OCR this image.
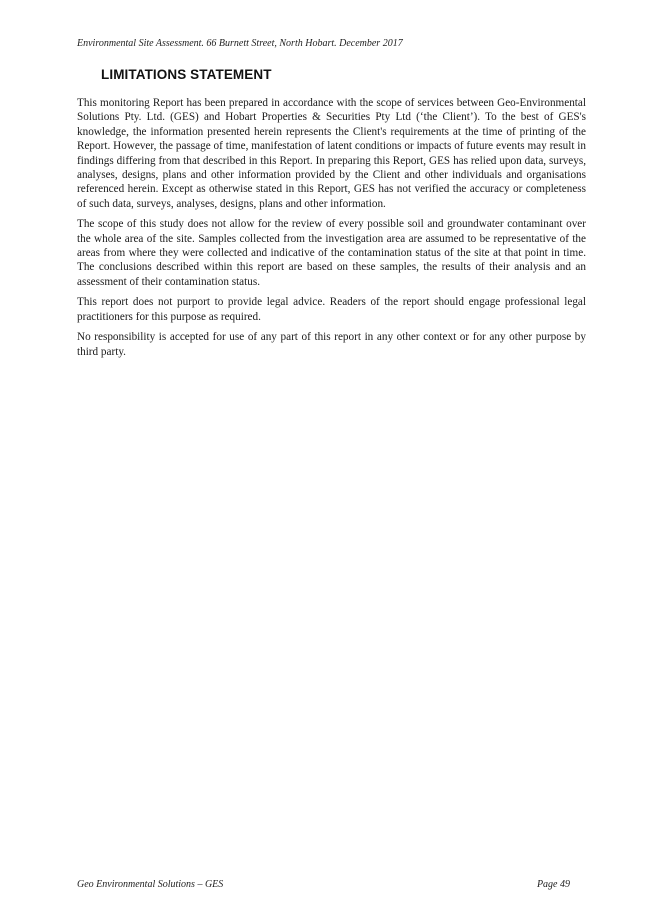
Environmental Site Assessment. 66 Burnett Street, North Hobart. December 2017
LIMITATIONS STATEMENT

This monitoring Report has been prepared in accordance with the scope of services between Geo-Environmental Solutions Pty. Ltd. (GES) and Hobart Properties & Securities Pty Ltd (‘the Client’). To the best of GES's knowledge, the information presented herein represents the Client's requirements at the time of printing of the Report. However, the passage of time, manifestation of latent conditions or impacts of future events may result in findings differing from that described in this Report. In preparing this Report, GES has relied upon data, surveys, analyses, designs, plans and other information provided by the Client and other individuals and organisations referenced herein. Except as otherwise stated in this Report, GES has not verified the accuracy or completeness of such data, surveys, analyses, designs, plans and other information.

The scope of this study does not allow for the review of every possible soil and groundwater contaminant over the whole area of the site. Samples collected from the investigation area are assumed to be representative of the areas from where they were collected and indicative of the contamination status of the site at that point in time. The conclusions described within this report are based on these samples, the results of their analysis and an assessment of their contamination status.

This report does not purport to provide legal advice. Readers of the report should engage professional legal practitioners for this purpose as required.

No responsibility is accepted for use of any part of this report in any other context or for any other purpose by third party.

Geo Environmental Solutions – GES	Page 49
